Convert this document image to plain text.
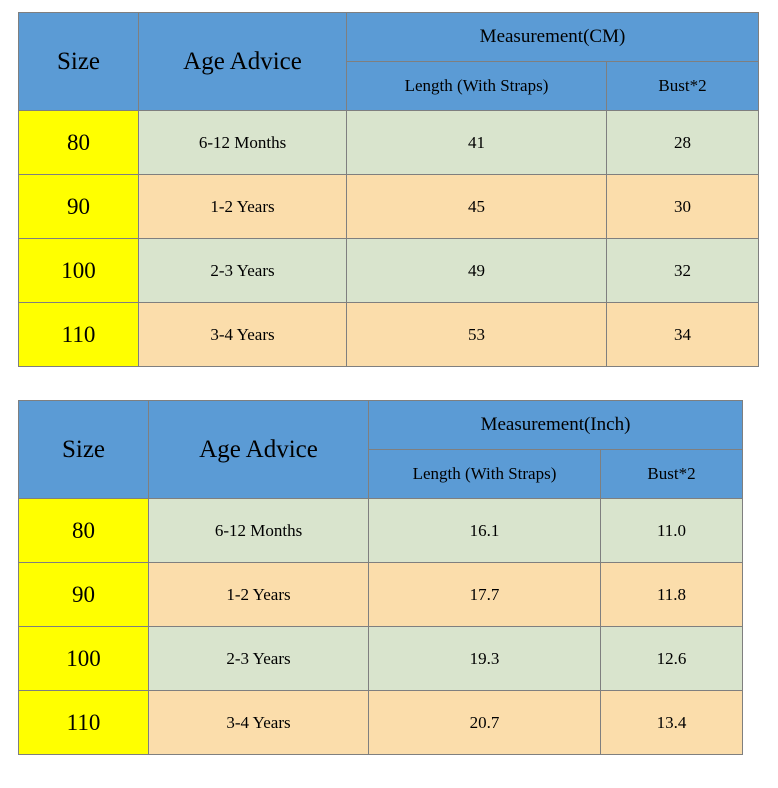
Size	Age Advice	Measurement(CM)	
		Length (With Straps)	Bust*2
80	6-12 Months	41	28
90	1-2 Years	45	30
100	2-3 Years	49	32
110	3-4 Years	53	34
Size	Age Advice	Measurement(Inch)	
		Length (With Straps)	Bust*2
80	6-12 Months	16.1	11.0
90	1-2 Years	17.7	11.8
100	2-3 Years	19.3	12.6
110	3-4 Years	20.7	13.4
